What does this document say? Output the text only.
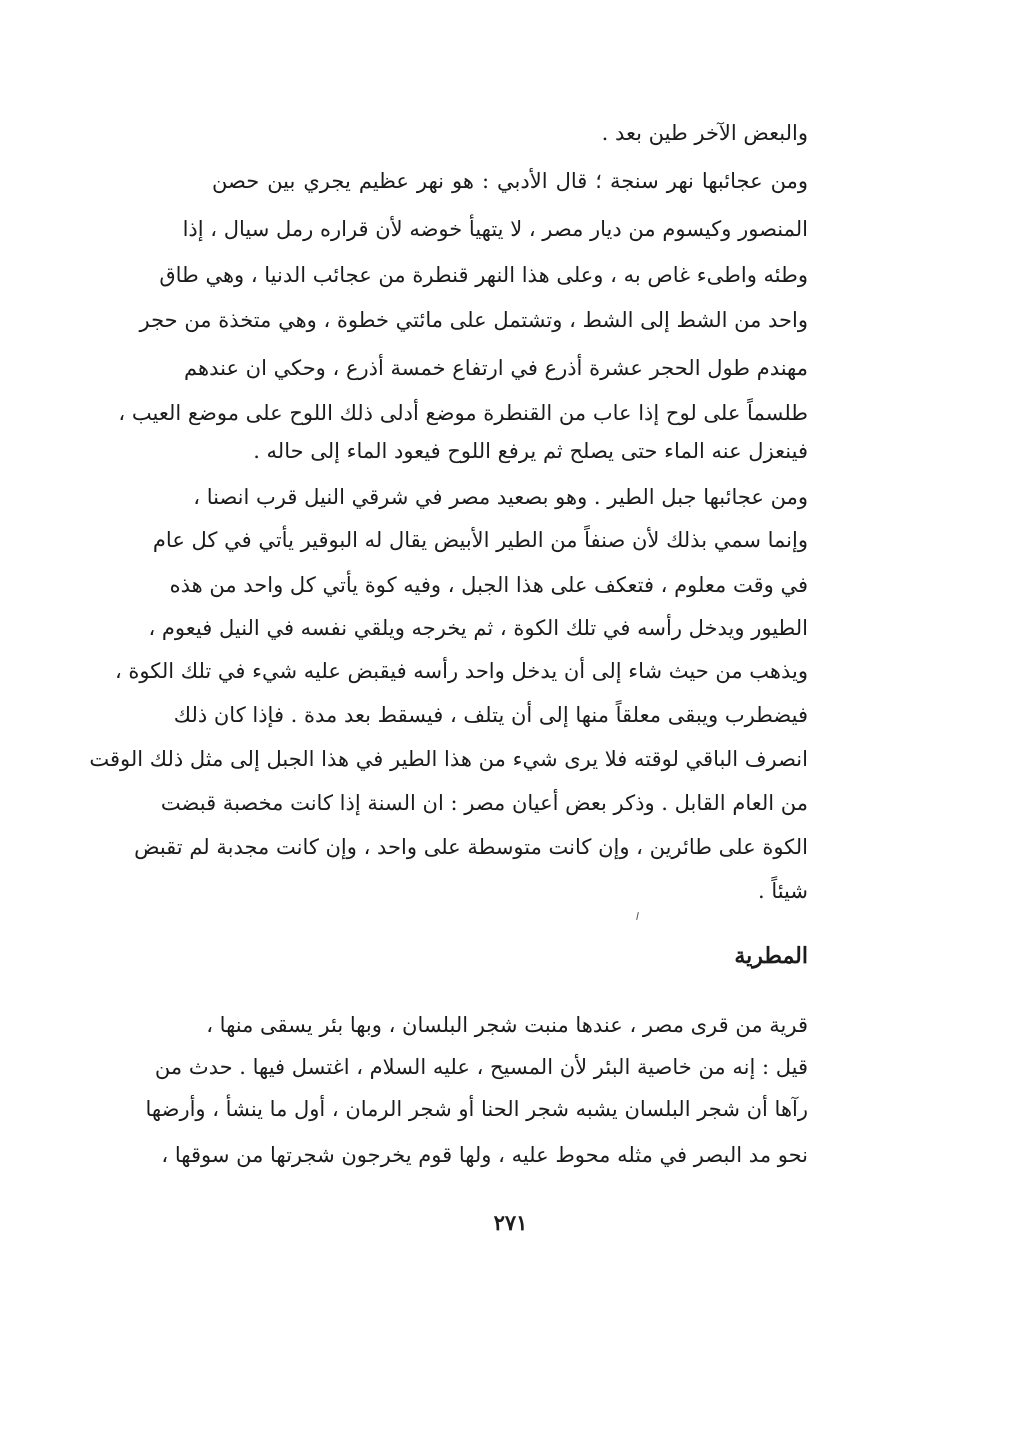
والبعض الآخر طين بعد .
ومن عجائبها نهر سنجة ؛ قال الأدبي : هو نهر عظيم يجري بين حصن
المنصور وكيسوم من ديار مصر ، لا يتهيأ خوضه لأن قراره رمل سيال ، إذا
وطئه واطىء غاص به ، وعلى هذا النهر قنطرة من عجائب الدنيا ، وهي طاق
واحد من الشط إلى الشط ، وتشتمل على مائتي خطوة ، وهي متخذة من حجر
مهندم طول الحجر عشرة أذرع في ارتفاع خمسة أذرع ، وحكي ان عندهم
طلسماً على لوح إذا عاب من القنطرة موضع أدلى ذلك اللوح على موضع العيب ،
فينعزل عنه الماء حتى يصلح ثم يرفع اللوح فيعود الماء إلى حاله .
ومن عجائبها جبل الطير . وهو بصعيد مصر في شرقي النيل قرب انصنا ،
وإنما سمي بذلك لأن صنفاً من الطير الأبيض يقال له البوقير يأتي في كل عام
في وقت معلوم ، فتعكف على هذا الجبل ، وفيه كوة يأتي كل واحد من هذه
الطيور ويدخل رأسه في تلك الكوة ، ثم يخرجه ويلقي نفسه في النيل فيعوم ،
ويذهب من حيث شاء إلى أن يدخل واحد رأسه فيقبض عليه شيء في تلك الكوة ،
فيضطرب ويبقى معلقاً منها إلى أن يتلف ، فيسقط بعد مدة . فإذا كان ذلك
انصرف الباقي لوقته فلا يرى شيء من هذا الطير في هذا الجبل إلى مثل ذلك الوقت
من العام القابل . وذكر بعض أعيان مصر : ان السنة إذا كانت مخصبة قبضت
الكوة على طائرين ، وإن كانت متوسطة على واحد ، وإن كانت مجدبة لم تقبض
شيئاً .
المطرية
قرية من قرى مصر ، عندها منبت شجر البلسان ، وبها بئر يسقى منها ،
قيل : إنه من خاصية البئر لأن المسيح ، عليه السلام ، اغتسل فيها . حدث من
رآها أن شجر البلسان يشبه شجر الحنا أو شجر الرمان ، أول ما ينشأ ، وأرضها
نحو مد البصر في مثله محوط عليه ، ولها قوم يخرجون شجرتها من سوقها ،
٢٧١
